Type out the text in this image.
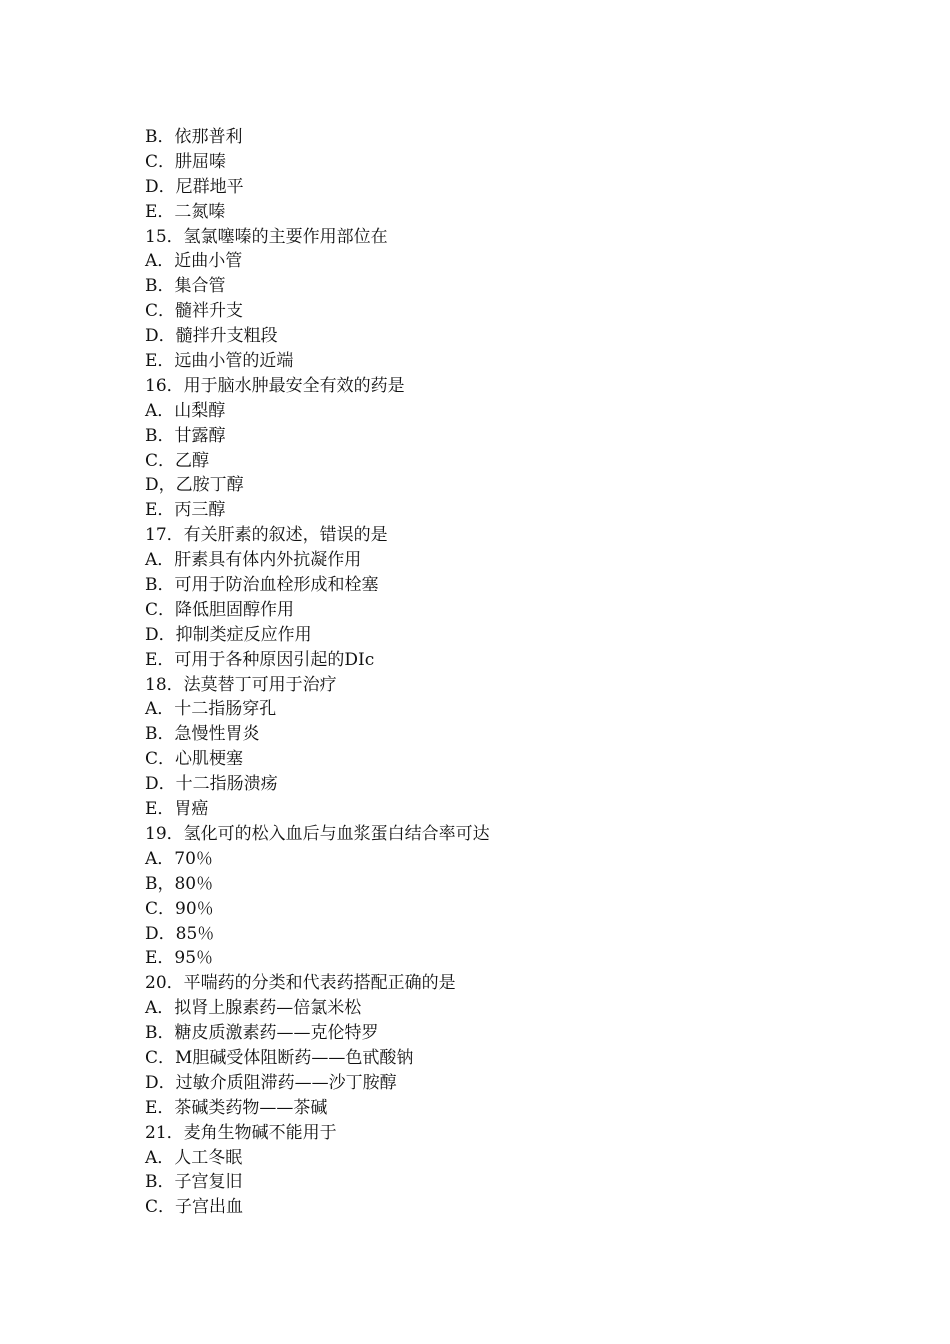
B．依那普利
C．肼屈嗪
D．尼群地平
E．二氮嗪
15．氢氯噻嗪的主要作用部位在
A．近曲小管
B．集合管
C．髓袢升支
D．髓拌升支粗段
E．远曲小管的近端
16．用于脑水肿最安全有效的药是
A．山梨醇
B．甘露醇
C．乙醇
D，乙胺丁醇
E．丙三醇
17．有关肝素的叙述，错误的是
A．肝素具有体内外抗凝作用
B．可用于防治血栓形成和栓塞
C．降低胆固醇作用
D．抑制类症反应作用
E．可用于各种原因引起的DIc
18．法莫替丁可用于治疗
A．十二指肠穿孔
B．急慢性胃炎
C．心肌梗塞
D．十二指肠溃疡
E．胃癌
19．氢化可的松入血后与血浆蛋白结合率可达
A．70％
B，80％
C．90％
D．85％
E．95％
20．平喘药的分类和代表药搭配正确的是
A．拟肾上腺素药—倍氯米松
B．糖皮质激素药——克伦特罗
C．M胆碱受体阻断药——色甙酸钠
D．过敏介质阻滞药——沙丁胺醇
E．茶碱类药物——茶碱
21．麦角生物碱不能用于
A．人工冬眠
B．子宫复旧
C．子宫出血
